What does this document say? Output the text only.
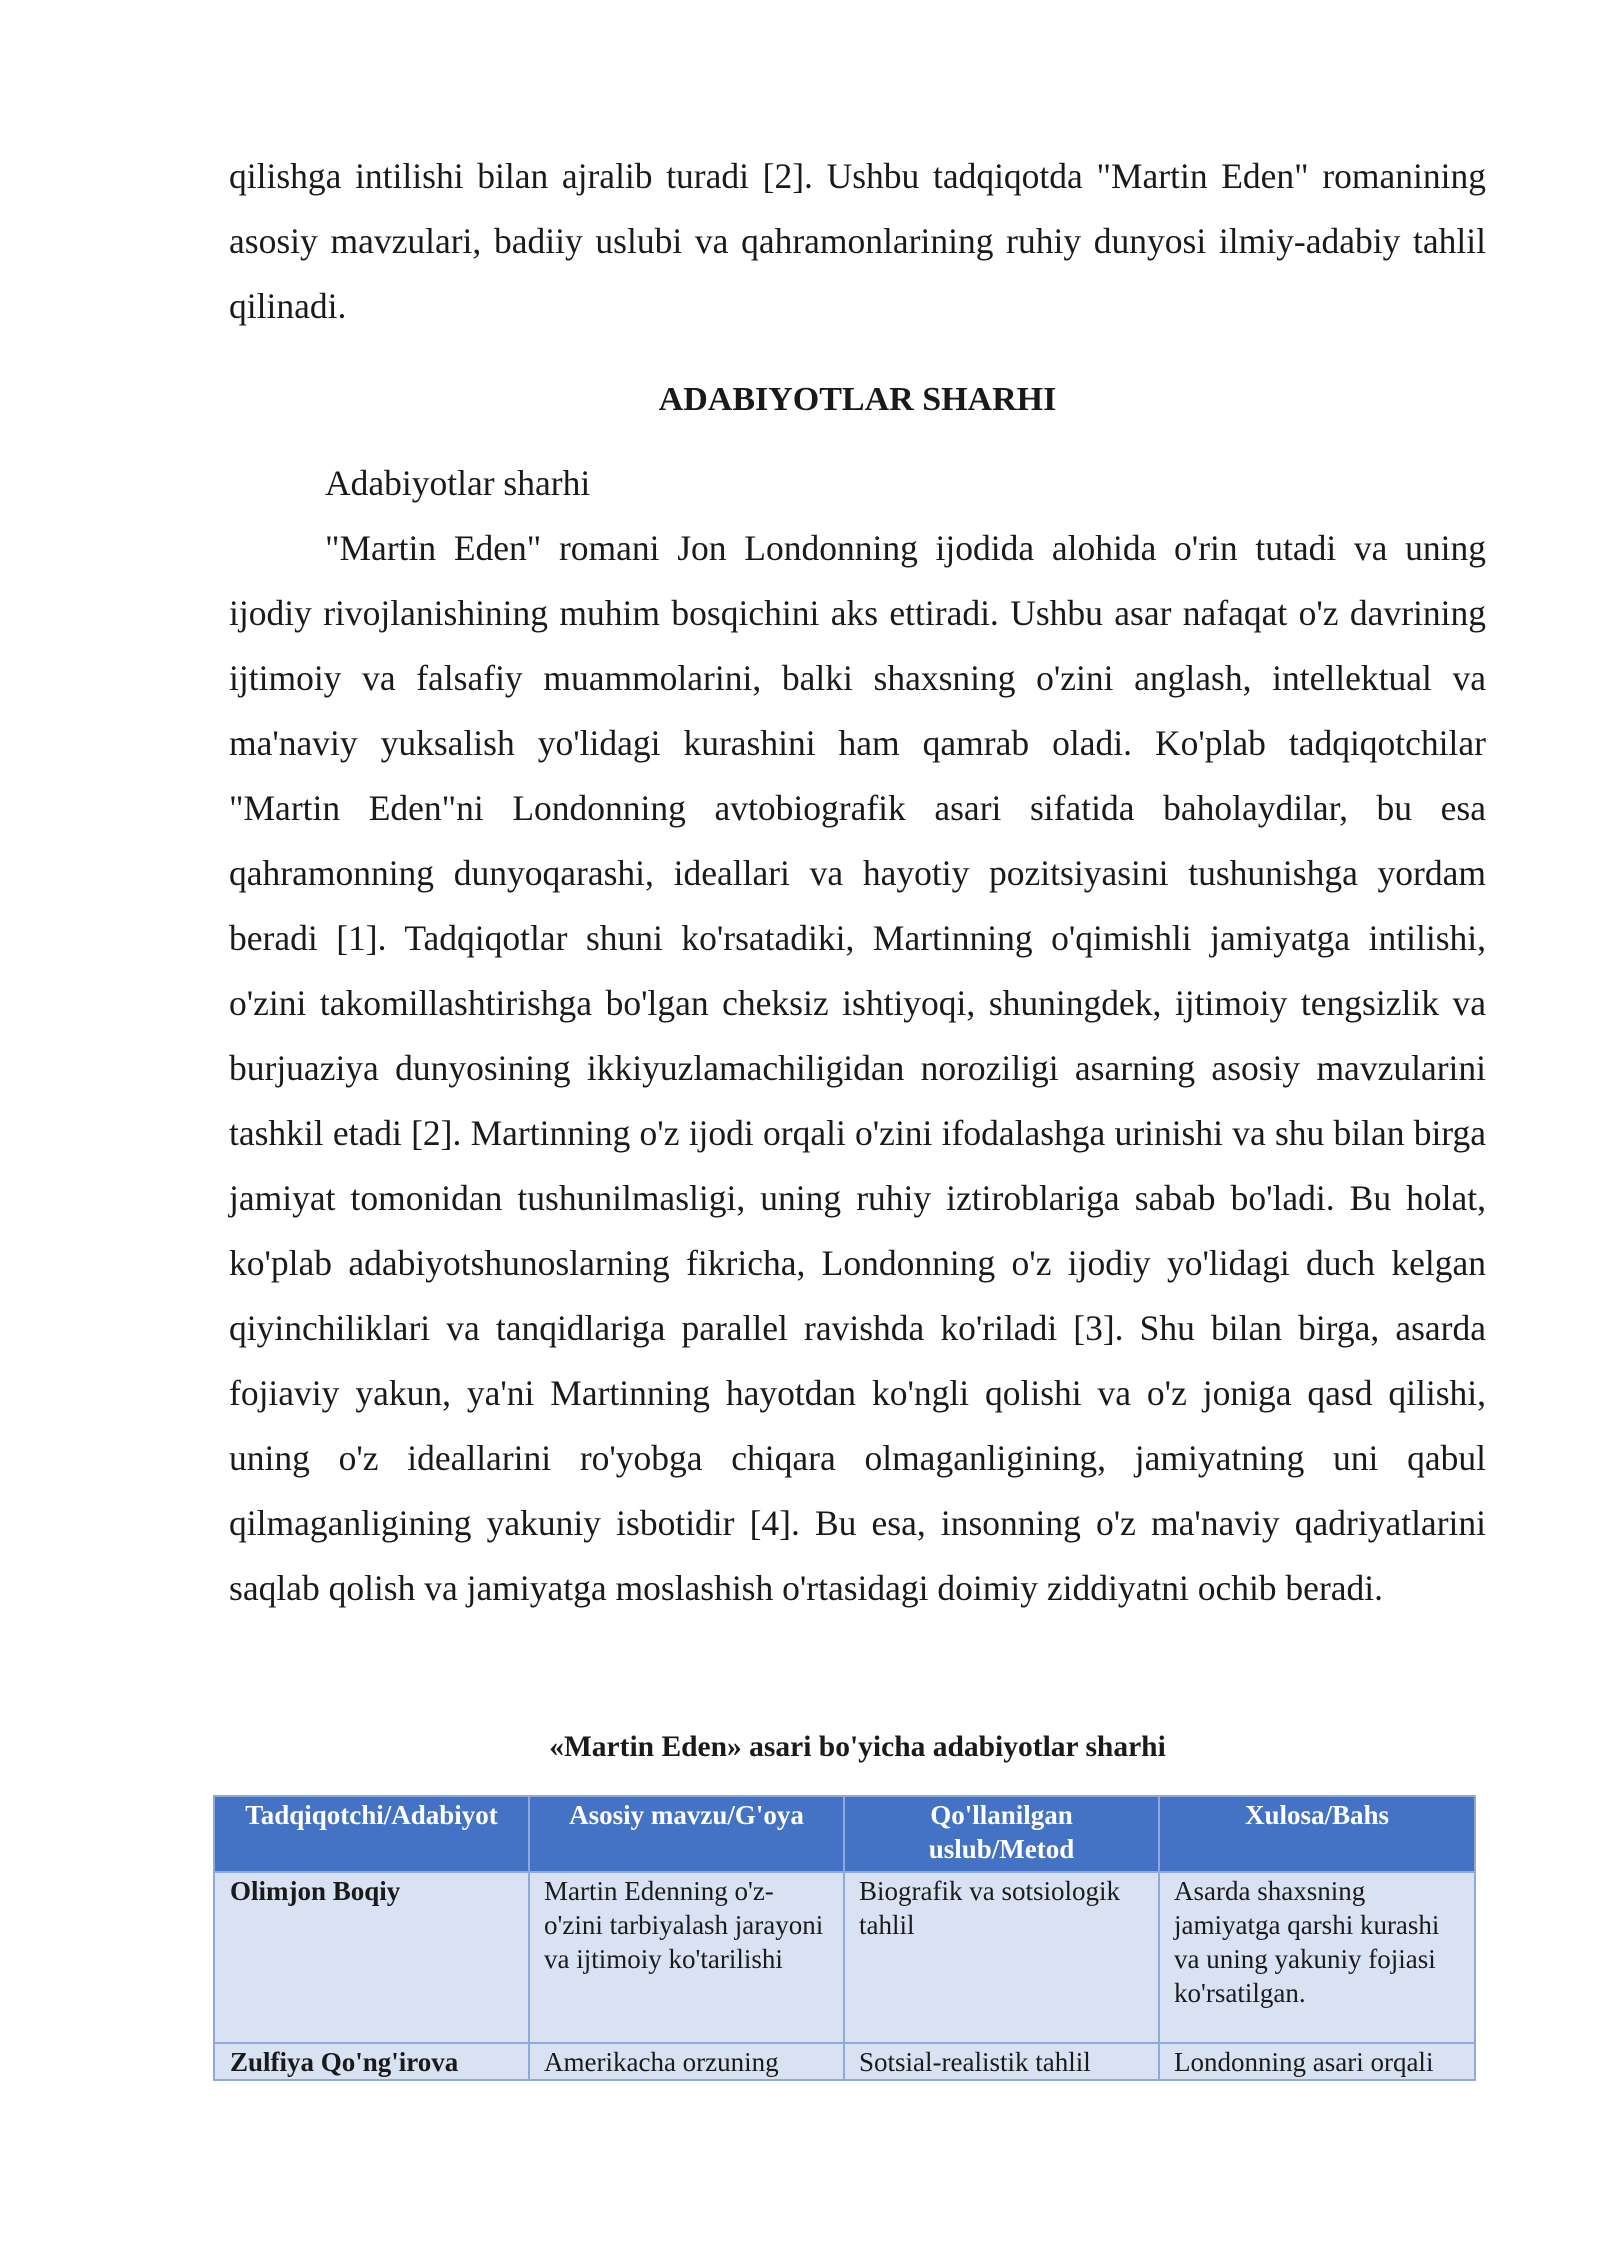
qilishga intilishi bilan ajralib turadi [2]. Ushbu tadqiqotda "Martin Eden" romanining asosiy mavzulari, badiiy uslubi va qahramonlarining ruhiy dunyosi ilmiy-adabiy tahlil qilinadi.

ADABIYOTLAR SHARHI

Adabiyotlar sharhi

"Martin Eden" romani Jon Londonning ijodida alohida o'rin tutadi va uning ijodiy rivojlanishining muhim bosqichini aks ettiradi. Ushbu asar nafaqat o'z davrining ijtimoiy va falsafiy muammolarini, balki shaxsning o'zini anglash, intellektual va ma'naviy yuksalish yo'lidagi kurashini ham qamrab oladi. Ko'plab tadqiqotchilar "Martin Eden"ni Londonning avtobiografik asari sifatida baholaydilar, bu esa qahramonning dunyoqarashi, ideallari va hayotiy pozitsiyasini tushunishga yordam beradi [1]. Tadqiqotlar shuni ko'rsatadiki, Martinning o'qimishli jamiyatga intilishi, o'zini takomillashtirishga bo'lgan cheksiz ishtiyoqi, shuningdek, ijtimoiy tengsizlik va burjuaziya dunyosining ikkiyuzlamachiligidan noroziligi asarning asosiy mavzularini tashkil etadi [2]. Martinning o'z ijodi orqali o'zini ifodalashga urinishi va shu bilan birga jamiyat tomonidan tushunilmasligi, uning ruhiy iztiroblariga sabab bo'ladi. Bu holat, ko'plab adabiyotshunoslarning fikricha, Londonning o'z ijodiy yo'lidagi duch kelgan qiyinchiliklari va tanqidlariga parallel ravishda ko'riladi [3]. Shu bilan birga, asarda fojiaviy yakun, ya'ni Martinning hayotdan ko'ngli qolishi va o'z joniga qasd qilishi, uning o'z ideallarini ro'yobga chiqara olmaganligining, jamiyatning uni qabul qilmaganligining yakuniy isbotidir [4]. Bu esa, insonning o'z ma'naviy qadriyatlarini saqlab qolish va jamiyatga moslashish o'rtasidagi doimiy ziddiyatni ochib beradi.

«Martin Eden» asari bo'yicha adabiyotlar sharhi

Tadqiqotchi/Adabiyot	Asosiy mavzu/G'oya	Qo'llanilgan uslub/Metod	Xulosa/Bahs
Olimjon Boqiy	Martin Edenning o'z-o'zini tarbiyalash jarayoni va ijtimoiy ko'tarilishi	Biografik va sotsiologik tahlil	Asarda shaxsning jamiyatga qarshi kurashi va uning yakuniy fojiasi ko'rsatilgan.
Zulfiya Qo'ng'irova	Amerikacha orzuning	Sotsial-realistik tahlil	Londonning asari orqali
